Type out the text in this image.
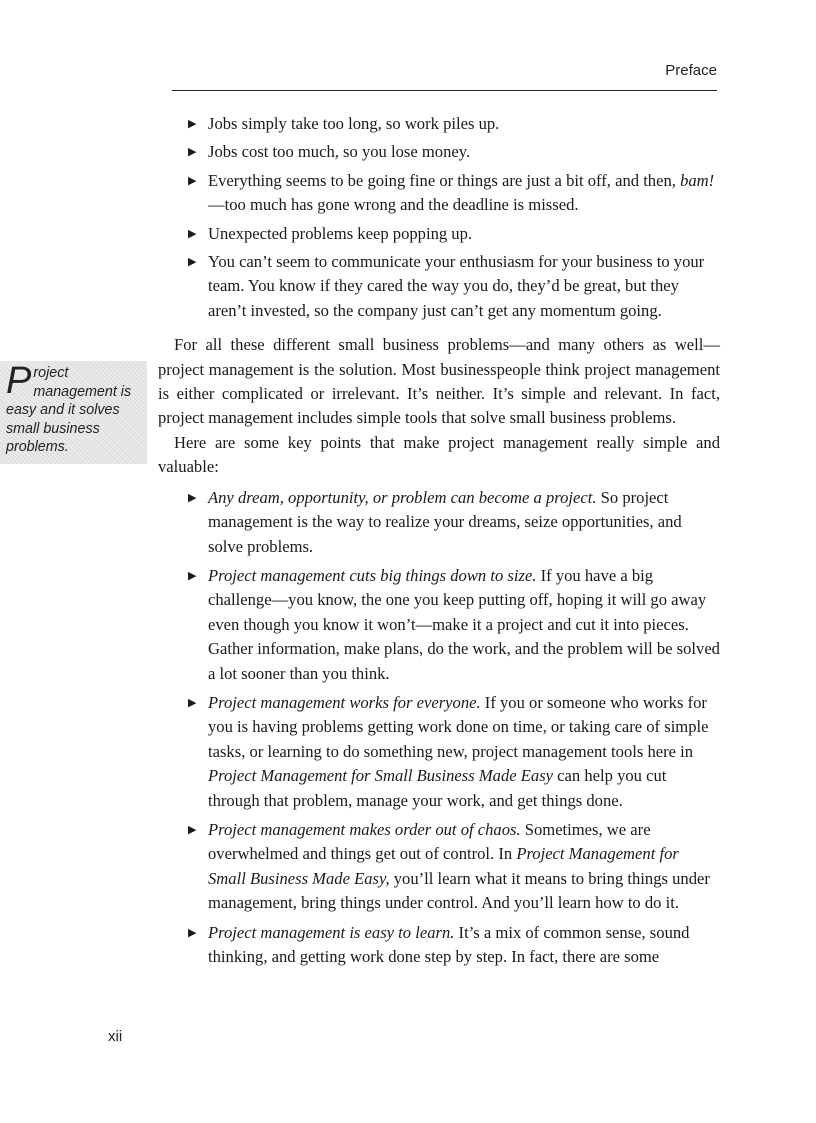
Preface
Project management is easy and it solves small business problems.
▶ Jobs simply take too long, so work piles up.
▶ Jobs cost too much, so you lose money.
▶ Everything seems to be going fine or things are just a bit off, and then, bam!—too much has gone wrong and the deadline is missed.
▶ Unexpected problems keep popping up.
▶ You can’t seem to communicate your enthusiasm for your business to your team. You know if they cared the way you do, they’d be great, but they aren’t invested, so the company just can’t get any momentum going.

For all these different small business problems—and many others as well—project management is the solution. Most businesspeople think project management is either complicated or irrelevant. It’s neither. It’s simple and relevant. In fact, project management includes simple tools that solve small business problems.

Here are some key points that make project management really simple and valuable:

▶ Any dream, opportunity, or problem can become a project. So project management is the way to realize your dreams, seize opportunities, and solve problems.
▶ Project management cuts big things down to size. If you have a big challenge—you know, the one you keep putting off, hoping it will go away even though you know it won’t—make it a project and cut it into pieces. Gather information, make plans, do the work, and the problem will be solved a lot sooner than you think.
▶ Project management works for everyone. If you or someone who works for you is having problems getting work done on time, or taking care of simple tasks, or learning to do something new, project management tools here in Project Management for Small Business Made Easy can help you cut through that problem, manage your work, and get things done.
▶ Project management makes order out of chaos. Sometimes, we are overwhelmed and things get out of control. In Project Management for Small Business Made Easy, you’ll learn what it means to bring things under management, bring things under control. And you’ll learn how to do it.
▶ Project management is easy to learn. It’s a mix of common sense, sound thinking, and getting work done step by step. In fact, there are some
xii
